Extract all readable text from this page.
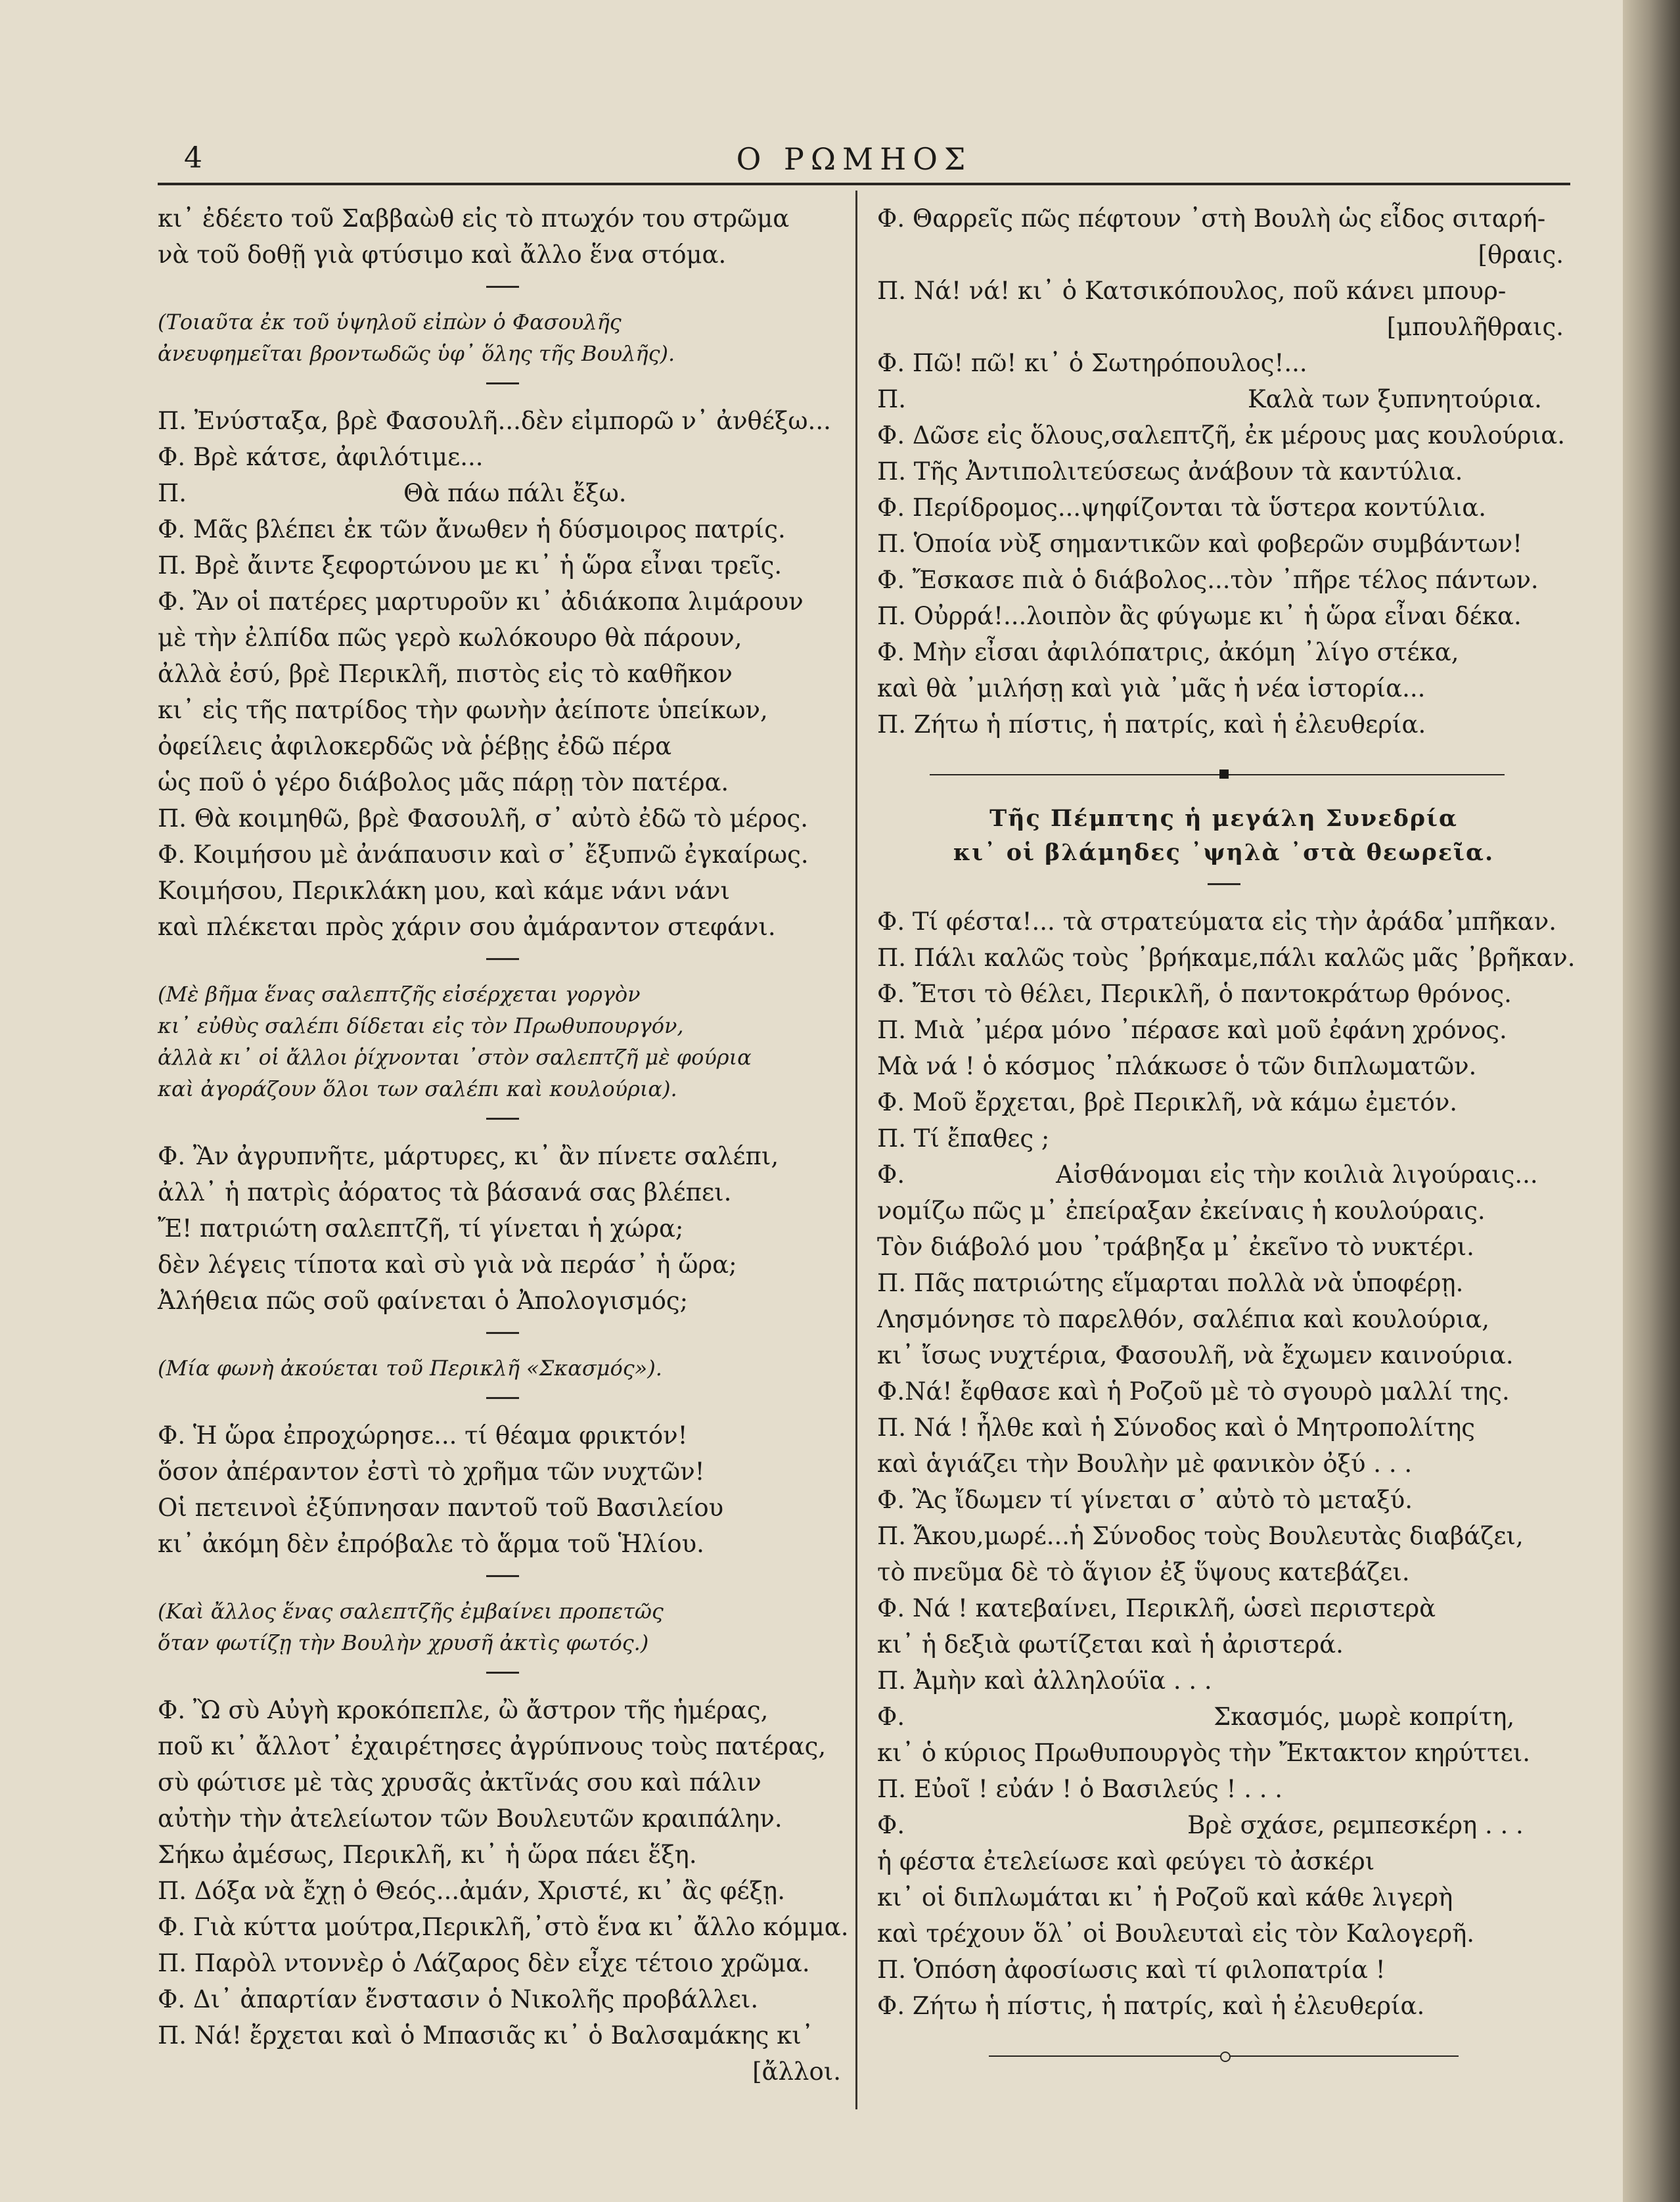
4	Ο ΡΩΜΗΟΣ
κι᾿ ἐδέετο τοῦ Σαββαὼθ εἰς τὸ πτωχόν του στρῶμα
νὰ τοῦ δοθῇ γιὰ φτύσιμο καὶ ἄλλο ἕνα στόμα.
(Τοιαῦτα ἐκ τοῦ ὑψηλοῦ εἰπὼν ὁ Φασουλῆς
ἀνευφημεῖται βροντωδῶς ὑφ᾿ ὅλης τῆς Βουλῆς).
Π. Ἐνύσταξα, βρὲ Φασουλῆ...δὲν εἰμπορῶ ν᾿ ἀνθέξω...
Φ. Βρὲ κάτσε, ἀφιλότιμε...
Π.	Θὰ πάω πάλι ἔξω.
Φ. Μᾶς βλέπει ἐκ τῶν ἄνωθεν ἡ δύσμοιρος πατρίς.
Π. Βρὲ ἄιντε ξεφορτώνου με κι᾿ ἡ ὥρα εἶναι τρεῖς.
Φ. Ἂν οἱ πατέρες μαρτυροῦν κι᾿ ἀδιάκοπα λιμάρουν
μὲ τὴν ἐλπίδα πῶς γερὸ κωλόκουρο θὰ πάρουν,
ἀλλὰ ἐσύ, βρὲ Περικλῆ, πιστὸς εἰς τὸ καθῆκον
κι᾿ εἰς τῆς πατρίδος τὴν φωνὴν ἀείποτε ὑπείκων,
ὀφείλεις ἀφιλοκερδῶς νὰ ῥέβῃς ἐδῶ πέρα
ὡς ποῦ ὁ γέρο διάβολος μᾶς πάρῃ τὸν πατέρα.
Π. Θὰ κοιμηθῶ, βρὲ Φασουλῆ, σ᾿ αὐτὸ ἐδῶ τὸ μέρος.
Φ. Κοιμήσου μὲ ἀνάπαυσιν καὶ σ᾿ ἔξυπνῶ ἐγκαίρως.
Κοιμήσου, Περικλάκη μου, καὶ κάμε νάνι νάνι
καὶ πλέκεται πρὸς χάριν σου ἀμάραντον στεφάνι.
(Μὲ βῆμα ἕνας σαλεπτζῆς εἰσέρχεται γοργὸν
κι᾿ εὐθὺς σαλέπι δίδεται εἰς τὸν Πρωθυπουργόν,
ἀλλὰ κι᾿ οἱ ἄλλοι ῥίχνονται ᾿στὸν σαλεπτζῆ μὲ φούρια
καὶ ἀγοράζουν ὅλοι των σαλέπι καὶ κουλούρια).
Φ. Ἂν ἀγρυπνῆτε, μάρτυρες, κι᾿ ἂν πίνετε σαλέπι,
ἀλλ᾿ ἡ πατρὶς ἀόρατος τὰ βάσανά σας βλέπει.
Ἔ! πατριώτη σαλεπτζῆ, τί γίνεται ἡ χώρα;
δὲν λέγεις τίποτα καὶ σὺ γιὰ νὰ περάσ᾿ ἡ ὥρα;
Ἀλήθεια πῶς σοῦ φαίνεται ὁ Ἀπολογισμός;
(Μία φωνὴ ἀκούεται τοῦ Περικλῆ «Σκασμός»).
Φ. Ἡ ὥρα ἐπροχώρησε... τί θέαμα φρικτόν!
ὅσον ἀπέραντον ἐστὶ τὸ χρῆμα τῶν νυχτῶν!
Οἱ πετεινοὶ ἐξύπνησαν παντοῦ τοῦ Βασιλείου
κι᾿ ἀκόμη δὲν ἐπρόβαλε τὸ ἅρμα τοῦ Ἡλίου.
(Καὶ ἄλλος ἕνας σαλεπτζῆς ἐμβαίνει προπετῶς
ὅταν φωτίζῃ τὴν Βουλὴν χρυσῆ ἀκτὶς φωτός.)
Φ. Ὢ σὺ Αὐγὴ κροκόπεπλε, ὢ ἄστρον τῆς ἡμέρας,
ποῦ κι᾿ ἄλλοτ᾿ ἐχαιρέτησες ἀγρύπνους τοὺς πατέρας,
σὺ φώτισε μὲ τὰς χρυσᾶς ἀκτῖνάς σου καὶ πάλιν
αὐτὴν τὴν ἀτελείωτον τῶν Βουλευτῶν κραιπάλην.
Σήκω ἀμέσως, Περικλῆ, κι᾿ ἡ ὥρα πάει ἕξη.
Π. Δόξα νὰ ἔχῃ ὁ Θεός...ἀμάν, Χριστέ, κι᾿ ἂς φέξῃ.
Φ. Γιὰ κύττα μούτρα,Περικλῆ,᾿στὸ ἕνα κι᾿ ἄλλο κόμμα.
Π. Παρὸλ ντοννὲρ ὁ Λάζαρος δὲν εἶχε τέτοιο χρῶμα.
Φ. Δι᾿ ἀπαρτίαν ἔνστασιν ὁ Νικολῆς προβάλλει.
Π. Νά! ἔρχεται καὶ ὁ Μπασιᾶς κι᾿ ὁ Βαλσαμάκης κι᾿
[ἄλλοι.
Φ. Θαρρεῖς πῶς πέφτουν ᾿στὴ Βουλὴ ὡς εἶδος σιταρή-
[θραις.
Π. Νά! νά! κι᾿ ὁ Κατσικόπουλος, ποῦ κάνει μπουρ-
[μπουλῆθραις.
Φ. Πῶ! πῶ! κι᾿ ὁ Σωτηρόπουλος!...
Π.	Καλὰ των ξυπνητούρια.
Φ. Δῶσε εἰς ὅλους,σαλεπτζῆ, ἐκ μέρους μας κουλούρια.
Π. Τῆς Ἀντιπολιτεύσεως ἀνάβουν τὰ καντύλια.
Φ. Περίδρομος...ψηφίζονται τὰ ὕστερα κοντύλια.
Π. Ὁποία νὺξ σημαντικῶν καὶ φοβερῶν συμβάντων!
Φ. Ἔσκασε πιὰ ὁ διάβολος...τὸν ᾿πῆρε τέλος πάντων.
Π. Οὐρρά!...λοιπὸν ἂς φύγωμε κι᾿ ἡ ὥρα εἶναι δέκα.
Φ. Μὴν εἶσαι ἀφιλόπατρις, ἀκόμη ᾿λίγο στέκα,
καὶ θὰ ᾿μιλήσῃ καὶ γιὰ ᾿μᾶς ἡ νέα ἱστορία...
Π. Ζήτω ἡ πίστις, ἡ πατρίς, καὶ ἡ ἐλευθερία.
Τῆς Πέμπτης ἡ μεγάλη Συνεδρία
κι᾿ οἱ βλάμηδες ᾿ψηλὰ ᾿στὰ θεωρεῖα.
Φ. Τί φέστα!... τὰ στρατεύματα εἰς τὴν ἀράδα᾿μπῆκαν.
Π. Πάλι καλῶς τοὺς ᾿βρήκαμε,πάλι καλῶς μᾶς ᾿βρῆκαν.
Φ. Ἔτσι τὸ θέλει, Περικλῆ, ὁ παντοκράτωρ θρόνος.
Π. Μιὰ ᾿μέρα μόνο ᾿πέρασε καὶ μοῦ ἐφάνη χρόνος.
Μὰ νά ! ὁ κόσμος ᾿πλάκωσε ὁ τῶν διπλωματῶν.
Φ. Μοῦ ἔρχεται, βρὲ Περικλῆ, νὰ κάμω ἐμετόν.
Π. Τί ἔπαθες ;
Φ.	Αἰσθάνομαι εἰς τὴν κοιλιὰ λιγούραις...
νομίζω πῶς μ᾿ ἐπείραξαν ἐκείναις ἡ κουλούραις.
Τὸν διάβολό μου ᾿τράβηξα μ᾿ ἐκεῖνο τὸ νυκτέρι.
Π. Πᾶς πατριώτης εἵμαρται πολλὰ νὰ ὑποφέρῃ.
Λησμόνησε τὸ παρελθόν, σαλέπια καὶ κουλούρια,
κι᾿ ἴσως νυχτέρια, Φασουλῆ, νὰ ἔχωμεν καινούρια.
Φ.Νά! ἔφθασε καὶ ἡ Ροζοῦ μὲ τὸ σγουρὸ μαλλί της.
Π. Νά ! ἦλθε καὶ ἡ Σύνοδος καὶ ὁ Μητροπολίτης
καὶ ἁγιάζει τὴν Βουλὴν μὲ φανικὸν ὀξύ . . .
Φ. Ἂς ἴδωμεν τί γίνεται σ᾿ αὐτὸ τὸ μεταξύ.
Π. Ἄκου,μωρέ...ἡ Σύνοδος τοὺς Βουλευτὰς διαβάζει,
τὸ πνεῦμα δὲ τὸ ἅγιον ἐξ ὕψους κατεβάζει.
Φ. Νά ! κατεβαίνει, Περικλῆ, ὡσεὶ περιστερὰ
κι᾿ ἡ δεξιὰ φωτίζεται καὶ ἡ ἀριστερά.
Π. Ἀμὴν καὶ ἀλληλούϊα . . .
Φ.	Σκασμός, μωρὲ κοπρίτη,
κι᾿ ὁ κύριος Πρωθυπουργὸς τὴν Ἔκτακτον κηρύττει.
Π. Εὐοῖ ! εὐάν ! ὁ Βασιλεύς ! . . .
Φ.	Βρὲ σχάσε, ρεμπεσκέρη . . .
ἡ φέστα ἐτελείωσε καὶ φεύγει τὸ ἀσκέρι
κι᾿ οἱ διπλωμάται κι᾿ ἡ Ροζοῦ καὶ κάθε λιγερὴ
καὶ τρέχουν ὅλ᾿ οἱ Βουλευταὶ εἰς τὸν Καλογερῆ.
Π. Ὁπόση ἀφοσίωσις καὶ τί φιλοπατρία !
Φ. Ζήτω ἡ πίστις, ἡ πατρίς, καὶ ἡ ἐλευθερία.
